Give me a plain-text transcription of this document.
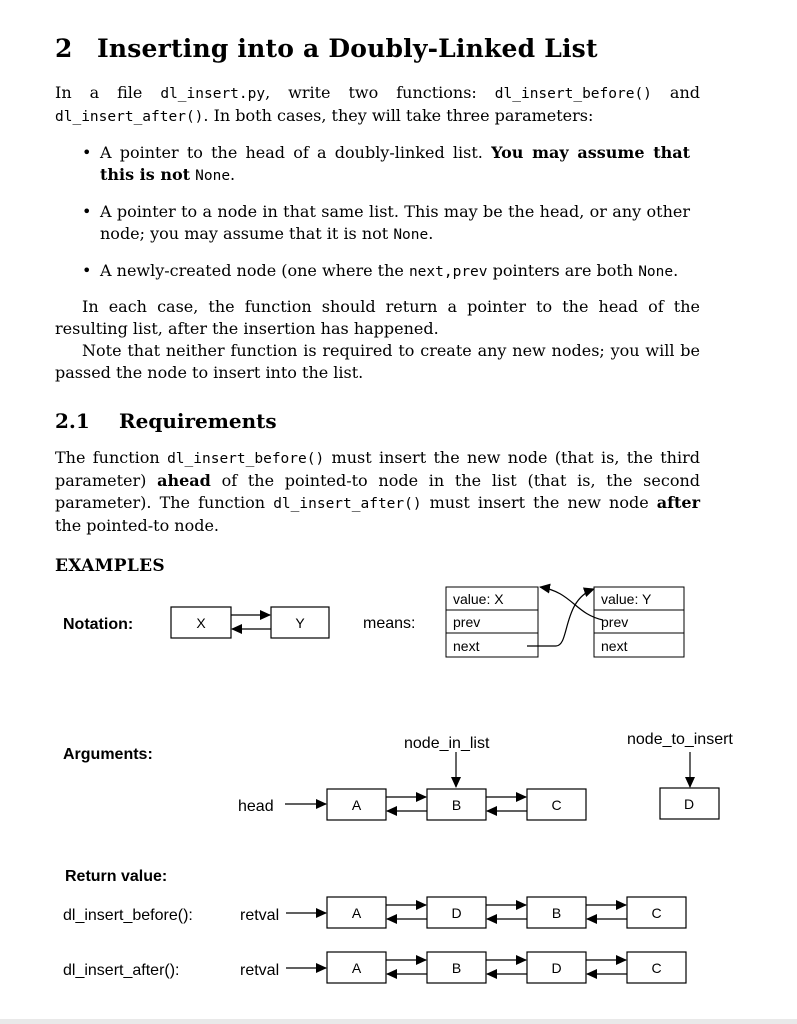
2 Inserting into a Doubly-Linked List
In a file dl_insert.py, write two functions: dl_insert_before() and dl_insert_after(). In both cases, they will take three parameters:
• A pointer to the head of a doubly-linked list. You may assume that this is not None.
• A pointer to a node in that same list. This may be the head, or any other node; you may assume that it is not None.
• A newly-created node (one where the next,prev pointers are both None.
In each case, the function should return a pointer to the head of the resulting list, after the insertion has happened.
Note that neither function is required to create any new nodes; you will be passed the node to insert into the list.
2.1 Requirements
The function dl_insert_before() must insert the new node (that is, the third parameter) ahead of the pointed-to node in the list (that is, the second parameter). The function dl_insert_after() must insert the new node after the pointed-to node.
EXAMPLES
Notation:	X	Y	means:
value: X
prev
next
value: Y
prev
next
Arguments:
node_in_list	node_to_insert
head	A	B	C	D
Return value:
dl_insert_before():	retval	A	D	B	C
dl_insert_after():	retval	A	B	D	C
